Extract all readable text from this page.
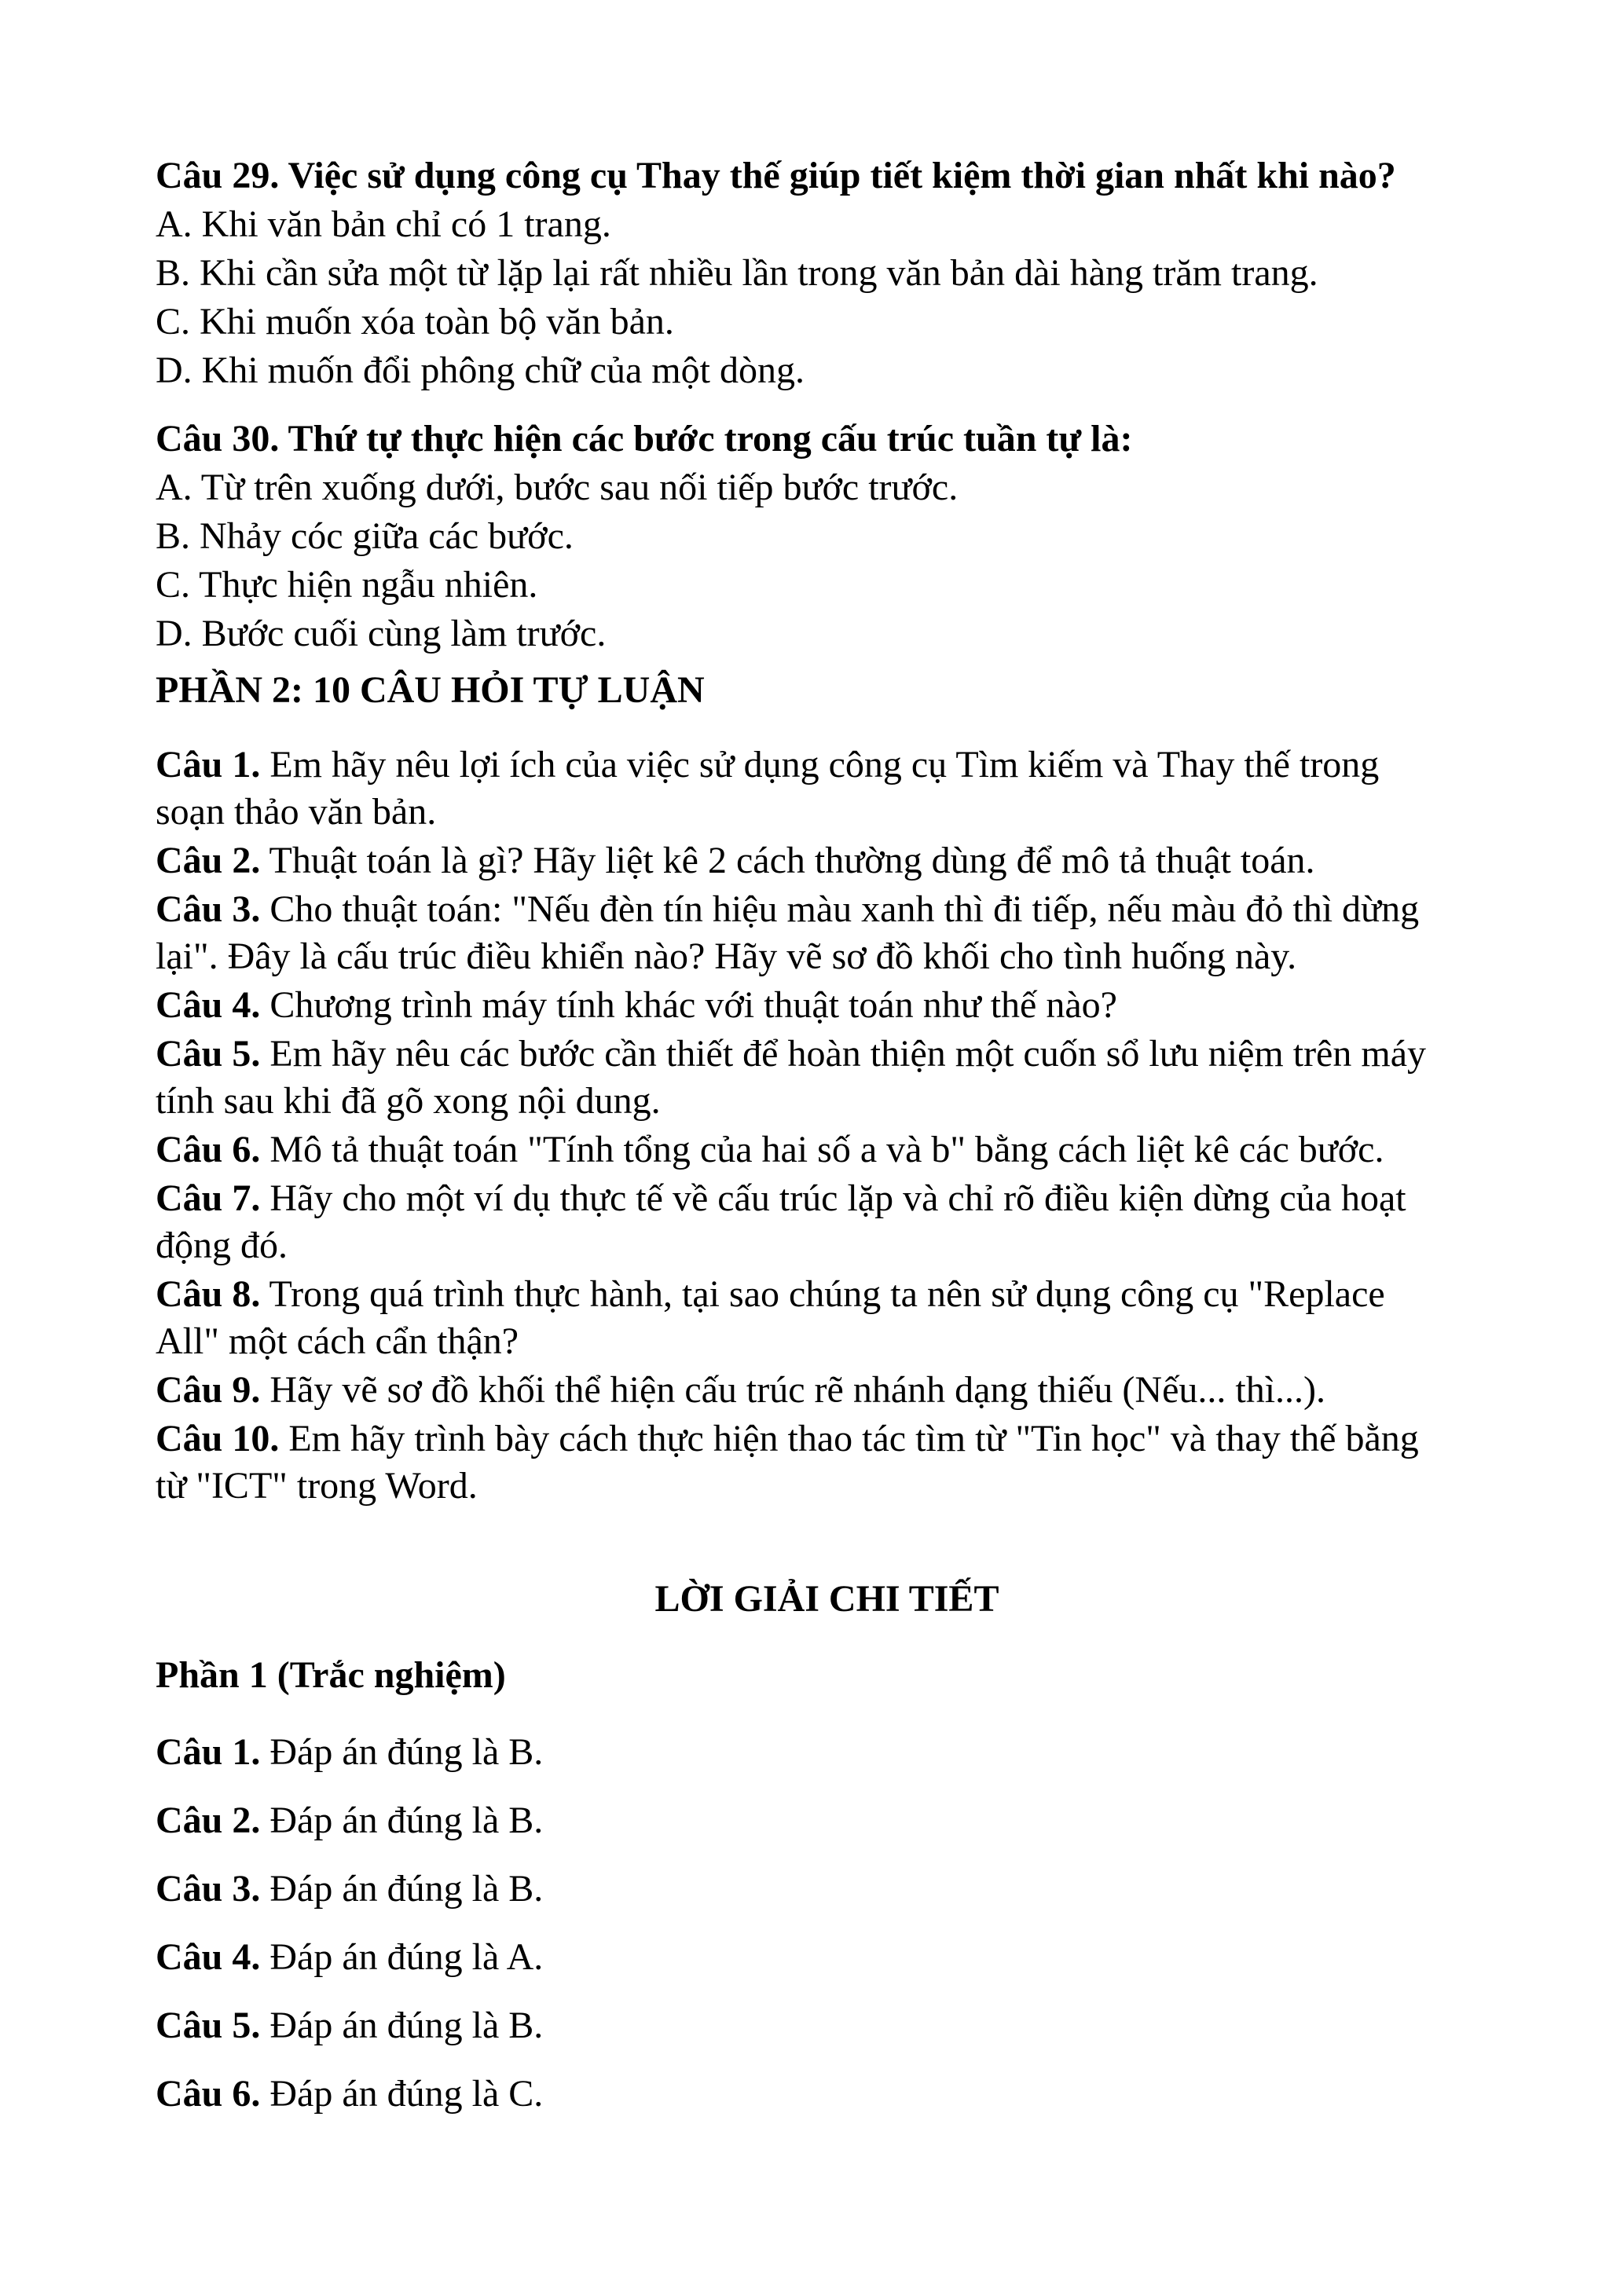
Câu 29. Việc sử dụng công cụ Thay thế giúp tiết kiệm thời gian nhất khi nào?

A. Khi văn bản chỉ có 1 trang.

B. Khi cần sửa một từ lặp lại rất nhiều lần trong văn bản dài hàng trăm trang.

C. Khi muốn xóa toàn bộ văn bản.

D. Khi muốn đổi phông chữ của một dòng.

Câu 30. Thứ tự thực hiện các bước trong cấu trúc tuần tự là:

A. Từ trên xuống dưới, bước sau nối tiếp bước trước.

B. Nhảy cóc giữa các bước.

C. Thực hiện ngẫu nhiên.

D. Bước cuối cùng làm trước.

PHẦN 2: 10 CÂU HỎI TỰ LUẬN

Câu 1. Em hãy nêu lợi ích của việc sử dụng công cụ Tìm kiếm và Thay thế trong
soạn thảo văn bản.

Câu 2. Thuật toán là gì? Hãy liệt kê 2 cách thường dùng để mô tả thuật toán.

Câu 3. Cho thuật toán: "Nếu đèn tín hiệu màu xanh thì đi tiếp, nếu màu đỏ thì dừng
lại". Đây là cấu trúc điều khiển nào? Hãy vẽ sơ đồ khối cho tình huống này.

Câu 4. Chương trình máy tính khác với thuật toán như thế nào?

Câu 5. Em hãy nêu các bước cần thiết để hoàn thiện một cuốn sổ lưu niệm trên máy
tính sau khi đã gõ xong nội dung.

Câu 6. Mô tả thuật toán "Tính tổng của hai số a và b" bằng cách liệt kê các bước.

Câu 7. Hãy cho một ví dụ thực tế về cấu trúc lặp và chỉ rõ điều kiện dừng của hoạt
động đó.

Câu 8. Trong quá trình thực hành, tại sao chúng ta nên sử dụng công cụ "Replace
All" một cách cẩn thận?

Câu 9. Hãy vẽ sơ đồ khối thể hiện cấu trúc rẽ nhánh dạng thiếu (Nếu... thì...).

Câu 10. Em hãy trình bày cách thực hiện thao tác tìm từ "Tin học" và thay thế bằng
từ "ICT" trong Word.

LỜI GIẢI CHI TIẾT
Phần 1 (Trắc nghiệm)

Câu 1. Đáp án đúng là B.

Câu 2. Đáp án đúng là B.

Câu 3. Đáp án đúng là B.

Câu 4. Đáp án đúng là A.

Câu 5. Đáp án đúng là B.

Câu 6. Đáp án đúng là C.
